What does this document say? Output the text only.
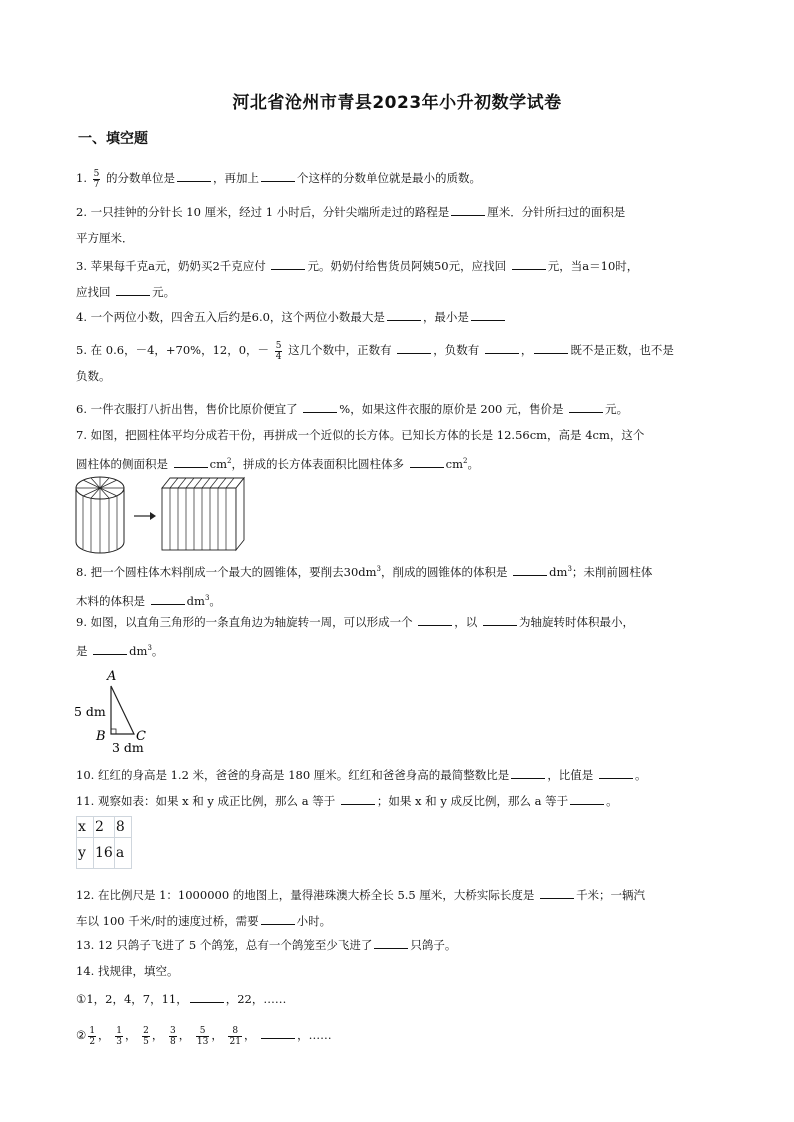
河北省沧州市青县2023年小升初数学试卷
一、填空题
1. $\frac{5}{7}$ 的分数单位是	，再加上	个这样的分数单位就是最小的质数。
2. 一只挂钟的分针长 10 厘米，经过 1 小时后，分针尖端所走过的路程是	厘米．分针所扫过的面积是
平方厘米．
3. 苹果每千克a元，奶奶买2千克应付	元。奶奶付给售货员阿姨50元，应找回	元，当a＝10时，
应找回	元。
4. 一个两位小数，四舍五入后约是6.0，这个两位小数最大是	，最小是
5. 在 0.6，－4，+70%，12，0，－ $\frac{5}{4}$ 这几个数中，正数有	，负数有	，	既不是正数，也不是
负数。
6. 一件衣服打八折出售，售价比原价便宜了	%，如果这件衣服的原价是 200 元，售价是	元。
7. 如图，把圆柱体平均分成若干份，再拼成一个近似的长方体。已知长方体的长是 12.56cm，高是 4cm，这个
圆柱体的侧面积是	$cm^2$，拼成的长方体表面积比圆柱体多	$cm^2$。
8. 把一个圆柱体木料削成一个最大的圆锥体，要削去$30dm^3$，削成的圆锥体的体积是	$dm^3$；未削前圆柱体
木料的体积是	$dm^3$。
9. 如图，以直角三角形的一条直角边为轴旋转一周，可以形成一个	，以	为轴旋转时体积最小，
是	$dm^3$。
A
B C
5 dm
3 dm
10. 红红的身高是 1.2 米，爸爸的身高是 180 厘米。红红和爸爸身高的最简整数比是	，比值是	。
11. 观察如表：如果 x 和 y 成正比例，那么 a 等于	；如果 x 和 y 成反比例，那么 a 等于	。
x	2	8
y	16	a
12. 在比例尺是 1：1000000 的地图上，量得港珠澳大桥全长 5.5 厘米，大桥实际长度是	千米；一辆汽
车以 100 千米/时的速度过桥，需要	小时。
13. 12 只鸽子飞进了 5 个鸽笼，总有一个鸽笼至少飞进了	只鸽子。
14. 找规律，填空。
①1，2，4，7，11，	，22，……
② $\frac{1}{2}$ ， $\frac{1}{3}$ ， $\frac{2}{5}$ ， $\frac{3}{8}$ ， $\frac{5}{13}$ ， $\frac{8}{21}$ ，	，……
